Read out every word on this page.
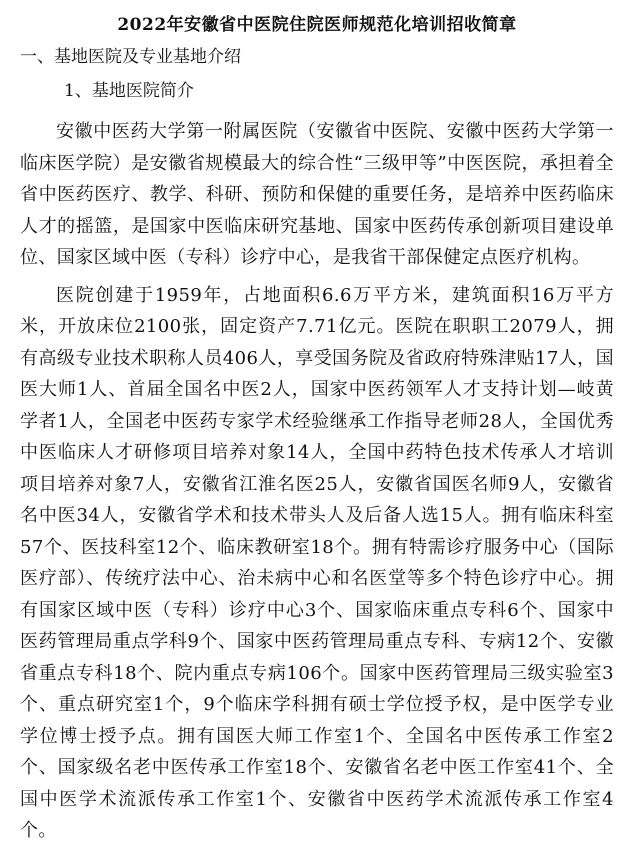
2022年安徽省中医院住院医师规范化培训招收简章
一、基地医院及专业基地介绍
1、基地医院简介

安徽中医药大学第一附属医院（安徽省中医院、安徽中医药大学第一临床医学院）是安徽省规模最大的综合性“三级甲等”中医医院，承担着全省中医药医疗、教学、科研、预防和保健的重要任务，是培养中医药临床人才的摇篮，是国家中医临床研究基地、国家中医药传承创新项目建设单位、国家区域中医（专科）诊疗中心，是我省干部保健定点医疗机构。

医院创建于1959年，占地面积6.6万平方米，建筑面积16万平方米，开放床位2100张，固定资产7.71亿元。医院在职职工2079人，拥有高级专业技术职称人员406人，享受国务院及省政府特殊津贴17人，国医大师1人、首届全国名中医2人，国家中医药领军人才支持计划—岐黄学者1人，全国老中医药专家学术经验继承工作指导老师28人，全国优秀中医临床人才研修项目培养对象14人，全国中药特色技术传承人才培训项目培养对象7人，安徽省江淮名医25人，安徽省国医名师9人，安徽省名中医34人，安徽省学术和技术带头人及后备人选15人。拥有临床科室57个、医技科室12个、临床教研室18个。拥有特需诊疗服务中心（国际医疗部）、传统疗法中心、治未病中心和名医堂等多个特色诊疗中心。拥有国家区域中医（专科）诊疗中心3个、国家临床重点专科6个、国家中医药管理局重点学科9个、国家中医药管理局重点专科、专病12个、安徽省重点专科18个、院内重点专病106个。国家中医药管理局三级实验室3个、重点研究室1个，9个临床学科拥有硕士学位授予权，是中医学专业学位博士授予点。拥有国医大师工作室1个、全国名中医传承工作室2个、国家级名老中医传承工作室18个、安徽省名老中医工作室41个、全国中医学术流派传承工作室1个、安徽省中医药学术流派传承工作室4个。
